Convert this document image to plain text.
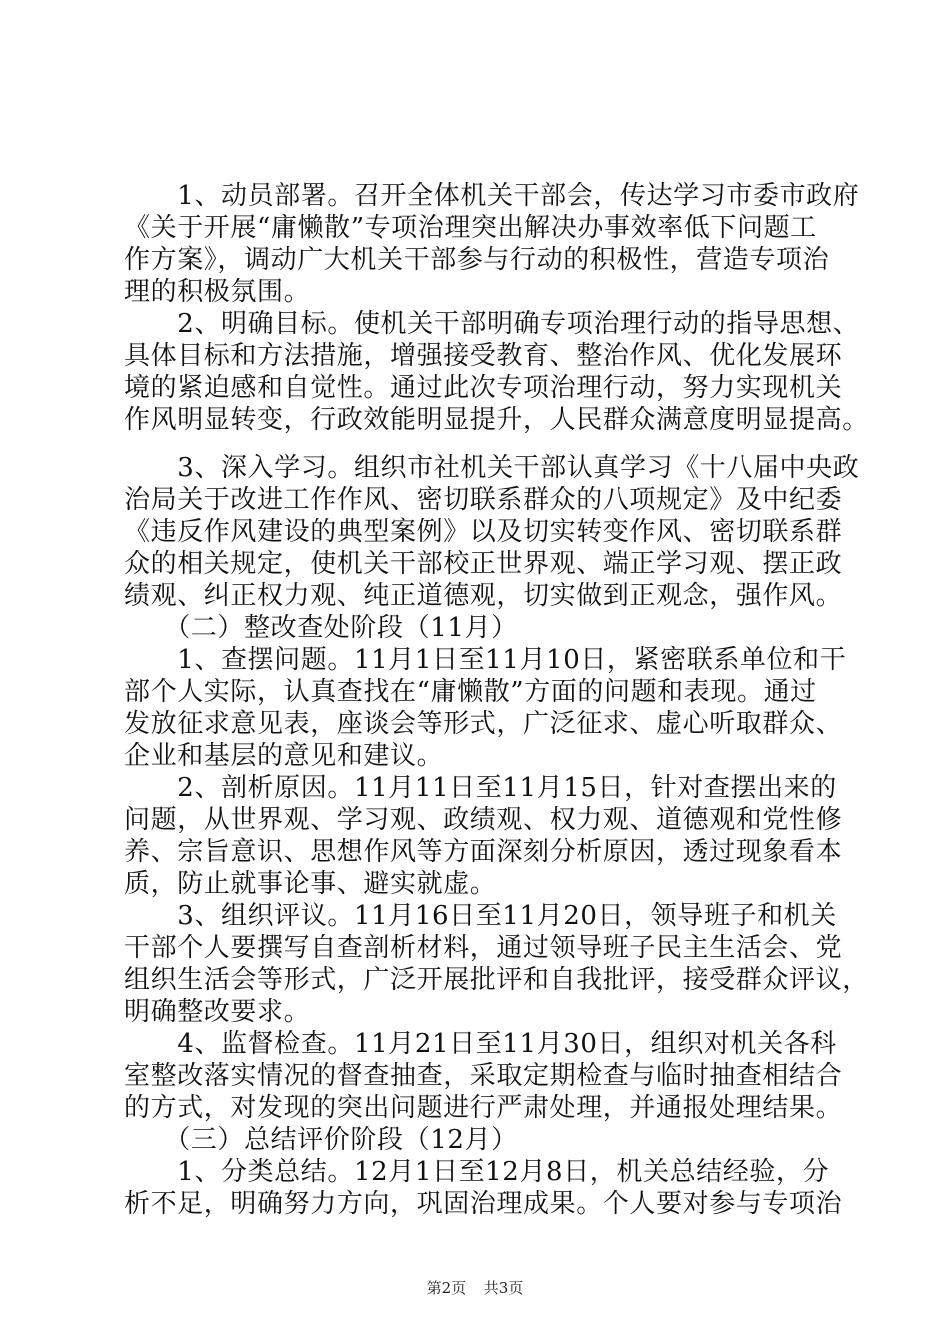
　　1、动员部署。召开全体机关干部会，传达学习市委市政府
《关于开展“庸懒散”专项治理突出解决办事效率低下问题工
作方案》，调动广大机关干部参与行动的积极性，营造专项治
理的积极氛围。
　　2、明确目标。使机关干部明确专项治理行动的指导思想、
具体目标和方法措施，增强接受教育、整治作风、优化发展环
境的紧迫感和自觉性。通过此次专项治理行动，努力实现机关
作风明显转变，行政效能明显提升，人民群众满意度明显提高。
　　3、深入学习。组织市社机关干部认真学习《十八届中央政
治局关于改进工作作风、密切联系群众的八项规定》及中纪委
《违反作风建设的典型案例》以及切实转变作风、密切联系群
众的相关规定，使机关干部校正世界观、端正学习观、摆正政
绩观、纠正权力观、纯正道德观，切实做到正观念，强作风。
　　（二）整改查处阶段（11月）
　　1、查摆问题。11月1日至11月10日，紧密联系单位和干
部个人实际，认真查找在“庸懒散”方面的问题和表现。通过
发放征求意见表，座谈会等形式，广泛征求、虚心听取群众、
企业和基层的意见和建议。
　　2、剖析原因。11月11日至11月15日，针对查摆出来的
问题，从世界观、学习观、政绩观、权力观、道德观和党性修
养、宗旨意识、思想作风等方面深刻分析原因，透过现象看本
质，防止就事论事、避实就虚。
　　3、组织评议。11月16日至11月20日，领导班子和机关
干部个人要撰写自查剖析材料，通过领导班子民主生活会、党
组织生活会等形式，广泛开展批评和自我批评，接受群众评议，
明确整改要求。
　　4、监督检查。11月21日至11月30日，组织对机关各科
室整改落实情况的督查抽查，采取定期检查与临时抽查相结合
的方式，对发现的突出问题进行严肃处理，并通报处理结果。
　　（三）总结评价阶段（12月）
　　1、分类总结。12月1日至12月8日，机关总结经验，分
析不足，明确努力方向，巩固治理成果。个人要对参与专项治
第2页 共3页
